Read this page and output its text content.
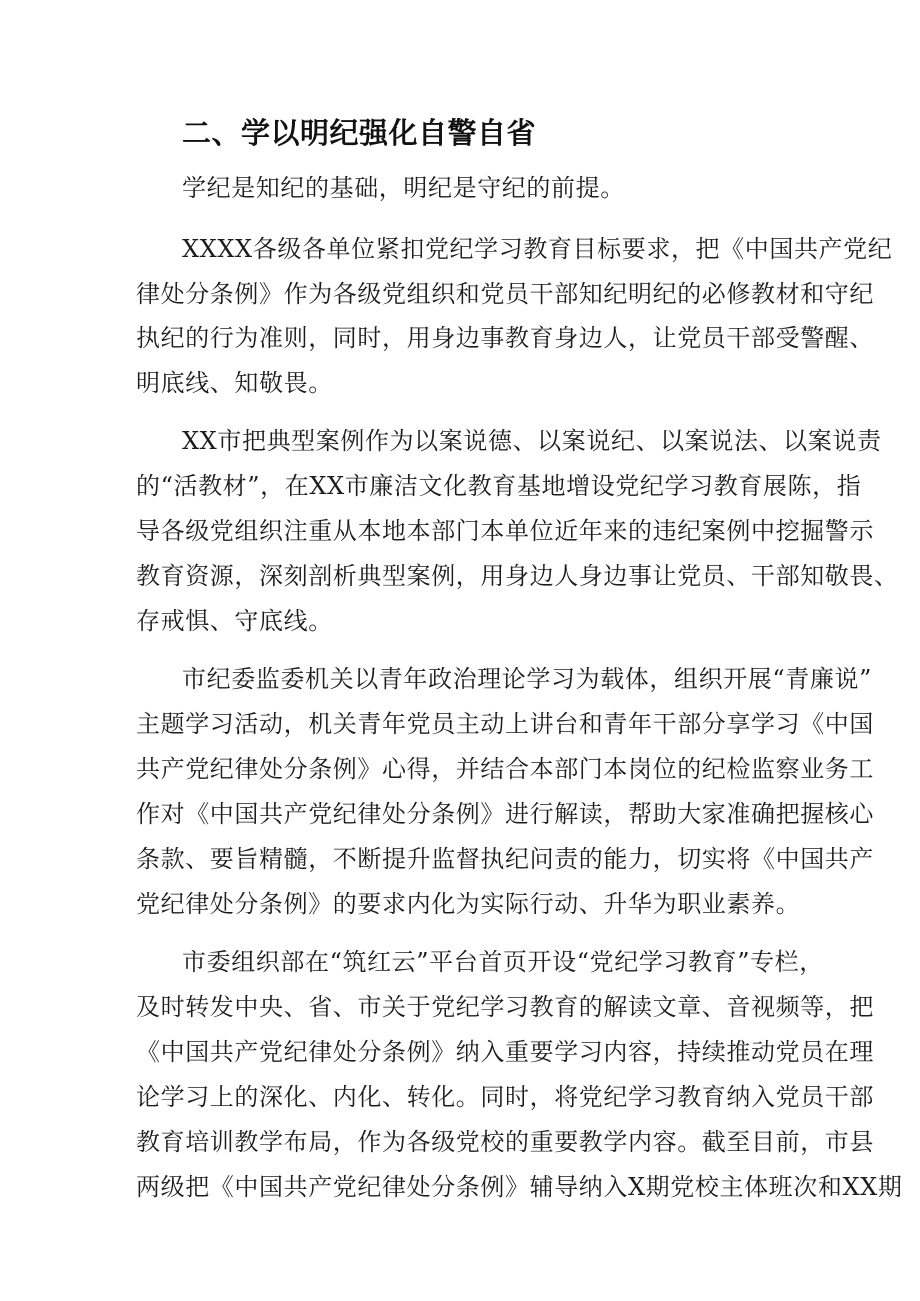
二、学以明纪强化自警自省
学纪是知纪的基础，明纪是守纪的前提。
XXXX各级各单位紧扣党纪学习教育目标要求，把《中国共产党纪
律处分条例》作为各级党组织和党员干部知纪明纪的必修教材和守纪
执纪的行为准则，同时，用身边事教育身边人，让党员干部受警醒、
明底线、知敬畏。
XX市把典型案例作为以案说德、以案说纪、以案说法、以案说责
的“活教材”，在XX市廉洁文化教育基地增设党纪学习教育展陈，指
导各级党组织注重从本地本部门本单位近年来的违纪案例中挖掘警示
教育资源，深刻剖析典型案例，用身边人身边事让党员、干部知敬畏、
存戒惧、守底线。
市纪委监委机关以青年政治理论学习为载体，组织开展“青廉说”
主题学习活动，机关青年党员主动上讲台和青年干部分享学习《中国
共产党纪律处分条例》心得，并结合本部门本岗位的纪检监察业务工
作对《中国共产党纪律处分条例》进行解读，帮助大家准确把握核心
条款、要旨精髓，不断提升监督执纪问责的能力，切实将《中国共产
党纪律处分条例》的要求内化为实际行动、升华为职业素养。
市委组织部在“筑红云”平台首页开设“党纪学习教育”专栏，
及时转发中央、省、市关于党纪学习教育的解读文章、音视频等，把
《中国共产党纪律处分条例》纳入重要学习内容，持续推动党员在理
论学习上的深化、内化、转化。同时，将党纪学习教育纳入党员干部
教育培训教学布局，作为各级党校的重要教学内容。截至目前，市县
两级把《中国共产党纪律处分条例》辅导纳入X期党校主体班次和XX期
